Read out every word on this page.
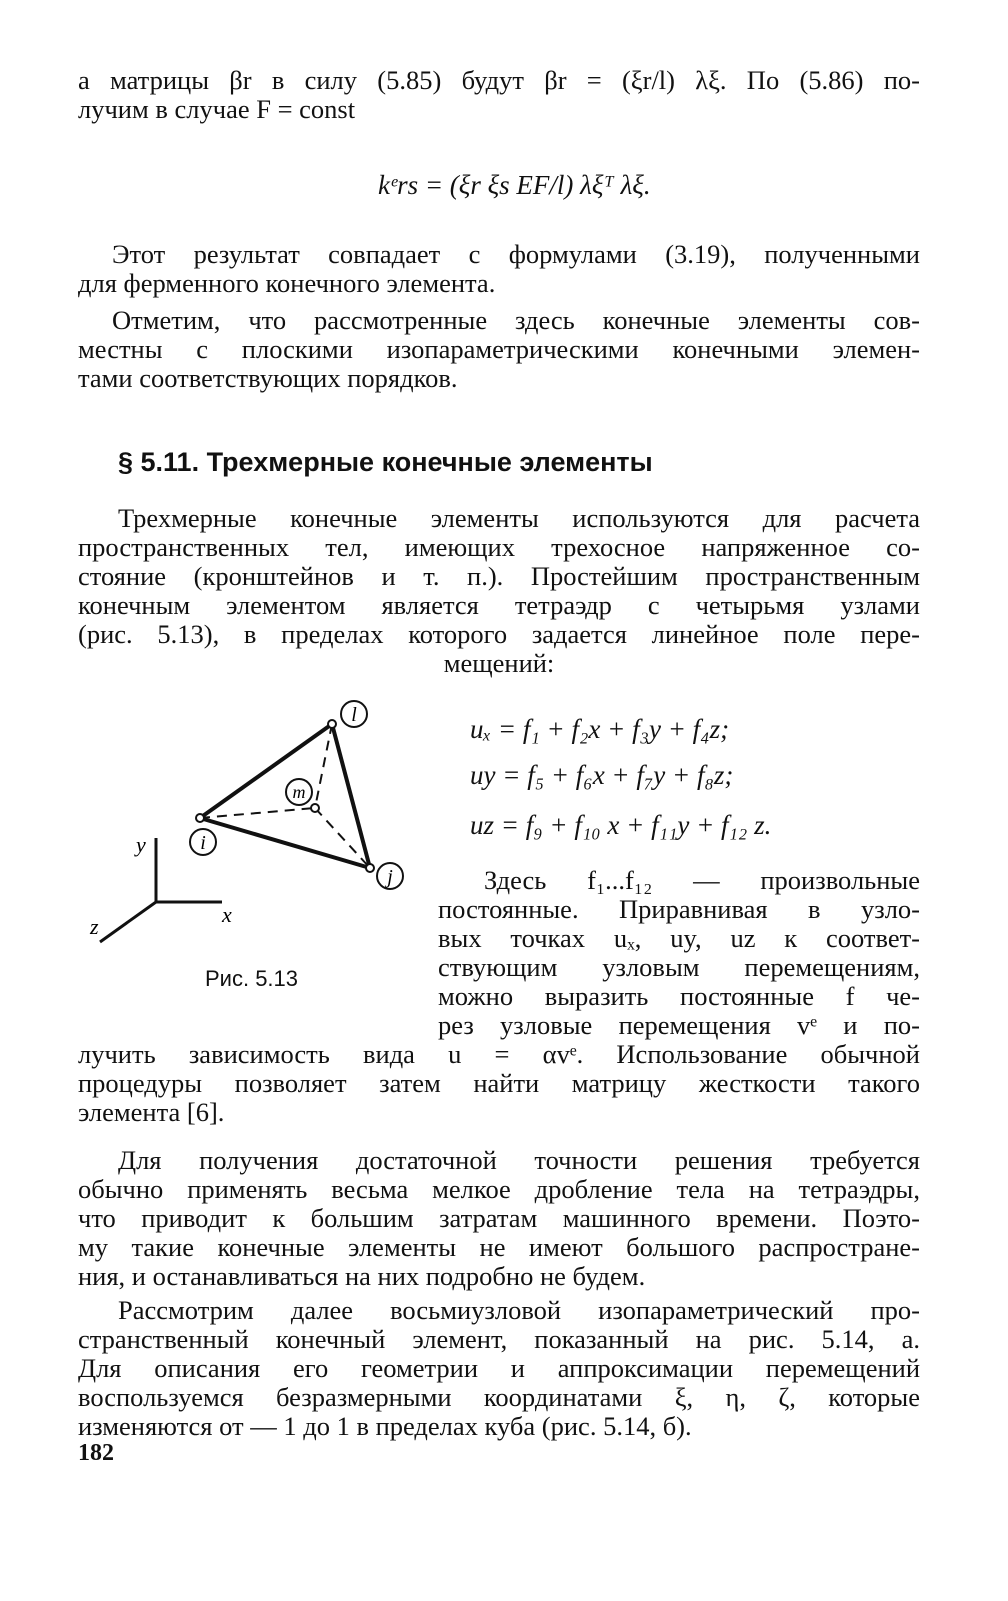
а матрицы βr в силу (5.85) будут βr = (ξr/l) λξ. По (5.86) по-
лучим в случае F = const
kᵉrs = (ξr ξs EF/l) λξᵀ λξ.
Этот результат совпадает с формулами (3.19), полученными
для ферменного конечного элемента.
Отметим, что рассмотренные здесь конечные элементы сов-
местны с плоскими изопараметрическими конечными элемен-
тами соответствующих порядков.
§ 5.11. Трехмерные конечные элементы
Трехмерные конечные элементы используются для расчета
пространственных тел, имеющих трехосное напряженное со-
стояние (кронштейнов и т. п.). Простейшим пространственным
конечным элементом является тетраэдр с четырьмя узлами
(рис. 5.13), в пределах которого задается линейное поле пере-
мещений:
uₓ = f₁ + f₂x + f₃y + f₄z;
uy = f₅ + f₆x + f₇y + f₈z;
uz = f₉ + f₁₀ x + f₁₁y + f₁₂ z.
l
m
i
j
y
x
z
Рис. 5.13
Здесь f₁...f₁₂ — произвольные
постоянные. Приравнивая в узло-
вых точках uₓ, uy, uz к соответ-
ствующим узловым перемещениям,
можно выразить постоянные f че-
рез узловые перемещения vᵉ и по-
лучить зависимость вида u = αvᵉ. Использование обычной
процедуры позволяет затем найти матрицу жесткости такого
элемента [6].
Для получения достаточной точности решения требуется
обычно применять весьма мелкое дробление тела на тетраэдры,
что приводит к большим затратам машинного времени. Поэто-
му такие конечные элементы не имеют большого распростране-
ния, и останавливаться на них подробно не будем.
Рассмотрим далее восьмиузловой изопараметрический про-
странственный конечный элемент, показанный на рис. 5.14, а.
Для описания его геометрии и аппроксимации перемещений
воспользуемся безразмерными координатами ξ, η, ζ, которые
изменяются от — 1 до 1 в пределах куба (рис. 5.14, б).
182
